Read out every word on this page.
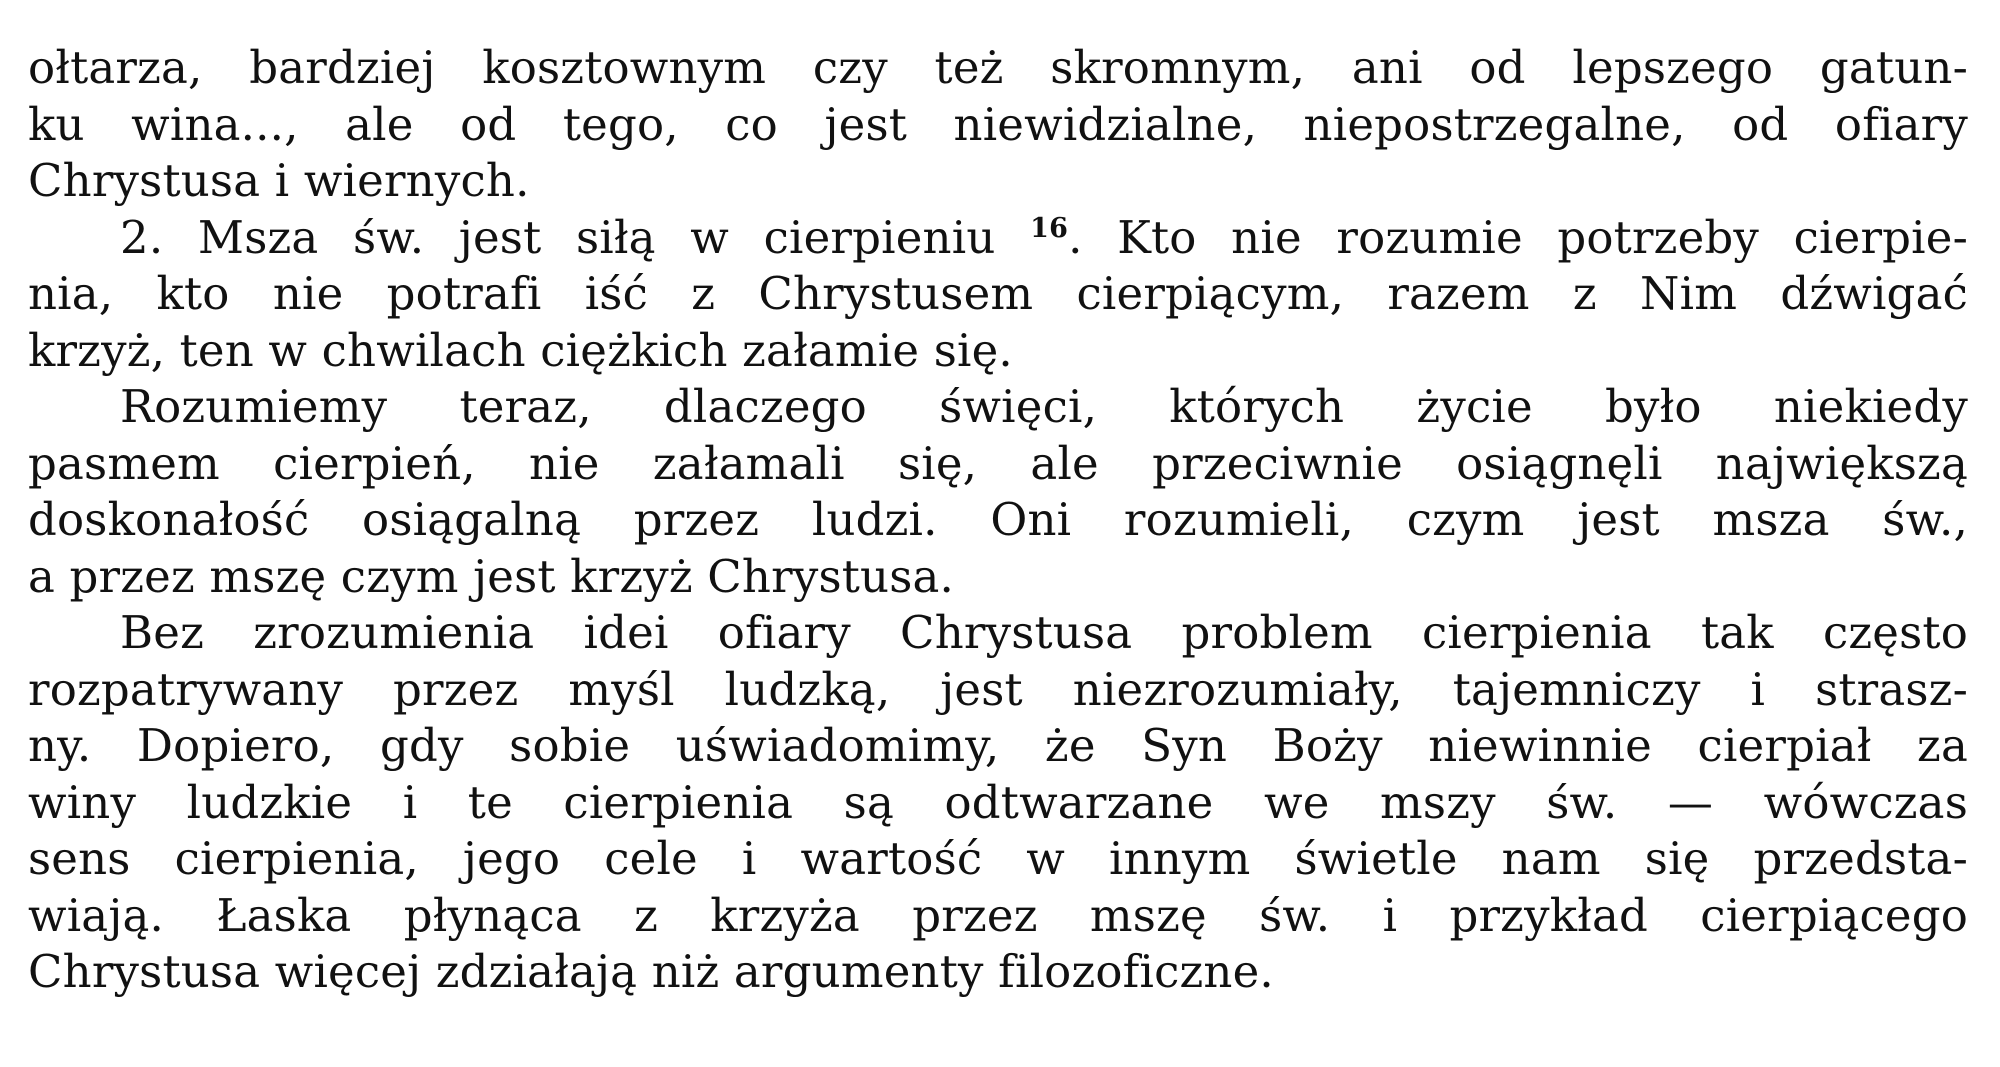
ołtarza, bardziej kosztownym czy też skromnym, ani od lepszego gatun-
ku wina..., ale od tego, co jest niewidzialne, niepostrzegalne, od ofiary
Chrystusa i wiernych.
2. Msza św. jest siłą w cierpieniu $^{16}$. Kto nie rozumie potrzeby cierpie-
nia, kto nie potrafi iść z Chrystusem cierpiącym, razem z Nim dźwigać
krzyż, ten w chwilach ciężkich załamie się.
Rozumiemy teraz, dlaczego święci, których życie było niekiedy
pasmem cierpień, nie załamali się, ale przeciwnie osiągnęli największą
doskonałość osiągalną przez ludzi. Oni rozumieli, czym jest msza św.,
a przez mszę czym jest krzyż Chrystusa.
Bez zrozumienia idei ofiary Chrystusa problem cierpienia tak często
rozpatrywany przez myśl ludzką, jest niezrozumiały, tajemniczy i strasz-
ny. Dopiero, gdy sobie uświadomimy, że Syn Boży niewinnie cierpiał za
winy ludzkie i te cierpienia są odtwarzane we mszy św. — wówczas
sens cierpienia, jego cele i wartość w innym świetle nam się przedsta-
wiają. Łaska płynąca z krzyża przez mszę św. i przykład cierpiącego
Chrystusa więcej zdziałają niż argumenty filozoficzne.
